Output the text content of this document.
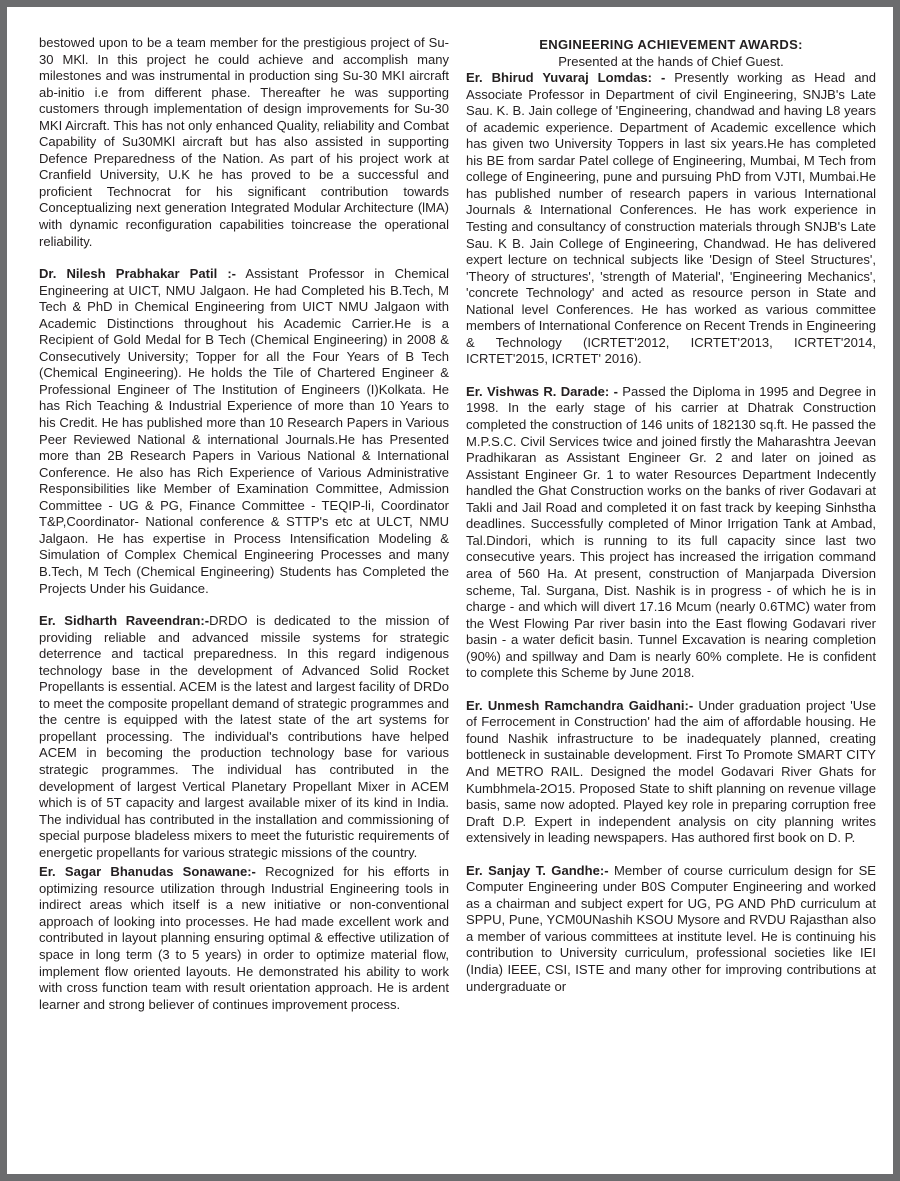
bestowed upon to be a team member for the prestigious project of Su-30 MKl. In this project he could achieve and accomplish many milestones and was instrumental in production sing Su-30 MKI aircraft ab-initio i.e from different phase. Thereafter he was supporting customers through implementation of design improvements for Su-30 MKI Aircraft. This has not only enhanced Quality, reliability and Combat Capability of Su30MKl aircraft but has also assisted in supporting Defence Preparedness of the Nation. As part of his project work at Cranfield University, U.K he has proved to be a successful and proficient Technocrat for his significant contribution towards Conceptualizing next generation Integrated Modular Architecture (lMA) with dynamic reconfiguration capabilities toincrease the operational reliability.

Dr. Nilesh Prabhakar Patil :- Assistant Professor in Chemical Engineering at UICT, NMU Jalgaon. He had Completed his B.Tech, M Tech & PhD in Chemical Engineering from UICT NMU Jalgaon with Academic Distinctions throughout his Academic Carrier.He is a Recipient of Gold Medal for B Tech (Chemical Engineering) in 2008 & Consecutively University; Topper for all the Four Years of B Tech (Chemical Engineering). He holds the Tile of Chartered Engineer & Professional Engineer of The Institution of Engineers (I)Kolkata. He has Rich Teaching & Industrial Experience of more than 10 Years to his Credit. He has published more than 10 Research Papers in Various Peer Reviewed National & international Journals.He has Presented more than 2B Research Papers in Various National & International Conference. He also has Rich Experience of Various Administrative Responsibilities like Member of Examination Committee, Admission Committee - UG & PG, Finance Committee - TEQIP-li, Coordinator T&P,Coordinator- National conference & STTP's etc at ULCT, NMU Jalgaon. He has expertise in Process Intensification Modeling & Simulation of Complex Chemical Engineering Processes and many B.Tech, M Tech (Chemical Engineering) Students has Completed the Projects Under his Guidance.

Er. Sidharth Raveendran:-DRDO is dedicated to the mission of providing reliable and advanced missile systems for strategic deterrence and tactical preparedness. In this regard indigenous technology base in the development of Advanced Solid Rocket Propellants is essential. ACEM is the latest and largest facility of DRDo to meet the composite propellant demand of strategic programmes and the centre is equipped with the latest state of the art systems for propellant processing. The individual's contributions have helped ACEM in becoming the production technology base for various strategic programmes. The individual has contributed in the development of largest Vertical Planetary Propellant Mixer in ACEM which is of 5T capacity and largest available mixer of its kind in India. The individual has contributed in the installation and commissioning of special purpose bladeless mixers to meet the futuristic requirements of energetic propellants for various strategic missions of the country.

Er. Sagar Bhanudas Sonawane:- Recognized for his efforts in optimizing resource utilization through Industrial Engineering tools in indirect areas which itself is a new initiative or non-conventional approach of looking into processes. He had made excellent work and contributed in layout planning ensuring optimal & effective utilization of space in long term (3 to 5 years) in order to optimize material flow, implement flow oriented layouts. He demonstrated his ability to work with cross function team with result orientation approach. He is ardent learner and strong believer of continues improvement process.

ENGINEERING ACHIEVEMENT AWARDS:

Presented at the hands of Chief Guest.

Er. Bhirud Yuvaraj Lomdas: - Presently working as Head and Associate Professor in Department of civil Engineering, SNJB's Late Sau. K. B. Jain college of 'Engineering, chandwad and having L8 years of academic experience. Department of Academic excellence which has given two University Toppers in last six years.He has completed his BE from sardar Patel college of Engineering, Mumbai, M Tech from college of Engineering, pune and pursuing PhD from VJTI, Mumbai.He has published number of research papers in various International Journals & International Conferences. He has work experience in Testing and consultancy of construction materials through SNJB's Late Sau. K B. Jain College of Engineering, Chandwad. He has delivered expert lecture on technical subjects like 'Design of Steel Structures', 'Theory of structures', 'strength of Material', 'Engineering Mechanics', 'concrete Technology' and acted as resource person in State and National level Conferences. He has worked as various committee members of International Conference on Recent Trends in Engineering & Technology (ICRTET'2012, ICRTET'2013, ICRTET'2014, ICRTET'2015, ICRTET' 2016).

Er. Vishwas R. Darade: - Passed the Diploma in 1995 and Degree in 1998. In the early stage of his carrier at Dhatrak Construction completed the construction of 146 units of 182130 sq.ft. He passed the M.P.S.C. Civil Services twice and joined firstly the Maharashtra Jeevan Pradhikaran as Assistant Engineer Gr. 2 and later on joined as Assistant Engineer Gr. 1 to water Resources Department Indecently handled the Ghat Construction works on the banks of river Godavari at Takli and Jail Road and completed it on fast track by keeping Sinhstha deadlines. Successfully completed of Minor Irrigation Tank at Ambad, Tal.Dindori, which is running to its full capacity since last two consecutive years. This project has increased the irrigation command area of 560 Ha. At present, construction of Manjarpada Diversion scheme, Tal. Surgana, Dist. Nashik is in progress - of which he is in charge - and which will divert 17.16 Mcum (nearly 0.6TMC) water from the West Flowing Par river basin into the East flowing Godavari river basin - a water deficit basin. Tunnel Excavation is nearing completion (90%) and spillway and Dam is nearly 60% complete. He is confident to complete this Scheme by June 2018.

Er. Unmesh Ramchandra Gaidhani:- Under graduation project 'Use of Ferrocement in Construction' had the aim of affordable housing. He found Nashik infrastructure to be inadequately planned, creating bottleneck in sustainable development. First To Promote SMART CITY And METRO RAIL. Designed the model Godavari River Ghats for Kumbhmela-2O15. Proposed State to shift planning on revenue village basis, same now adopted. Played key role in preparing corruption free Draft D.P. Expert in independent analysis on city planning writes extensively in leading newspapers. Has authored first book on D. P.

Er. Sanjay T. Gandhe:- Member of course curriculum design for SE Computer Engineering under B0S Computer Engineering and worked as a chairman and subject expert for UG, PG AND PhD curriculum at SPPU, Pune, YCM0UNashih KSOU Mysore and RVDU Rajasthan also a member of various committees at institute level. He is continuing his contribution to University curriculum, professional societies like IEI (India) IEEE, CSI, ISTE and many other for improving contributions at undergraduate or
